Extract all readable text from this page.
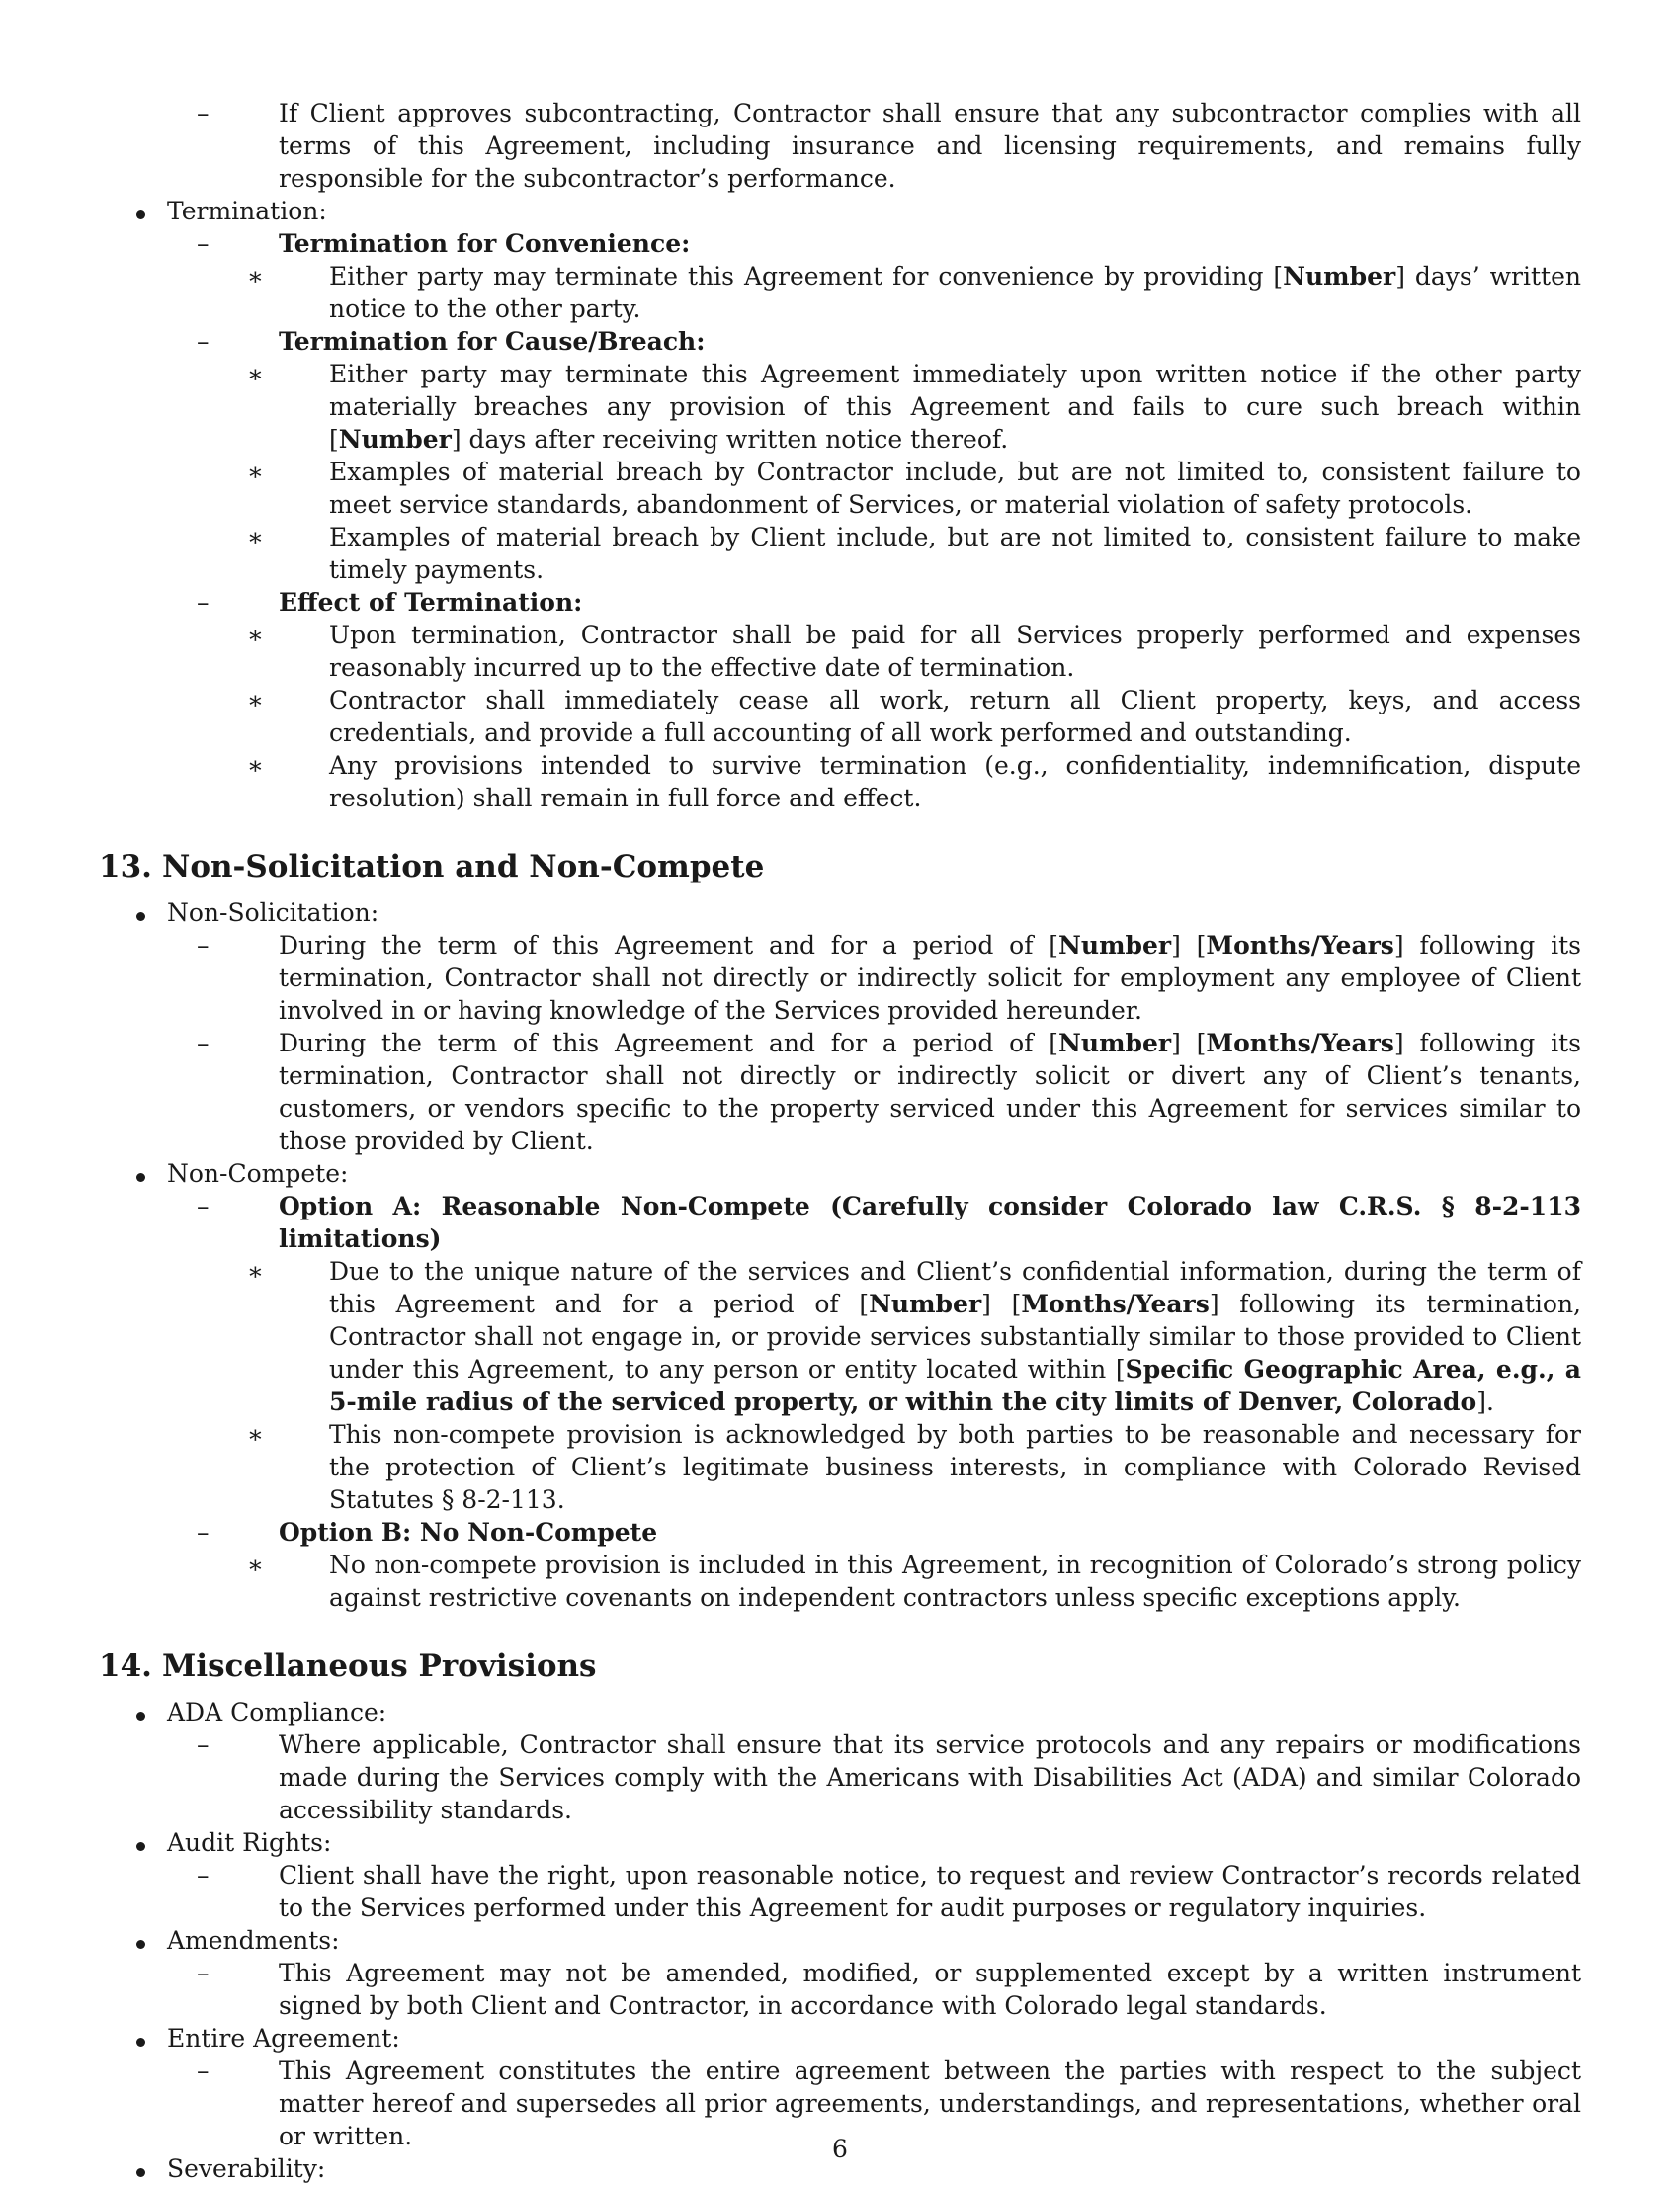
–	If Client approves subcontracting, Contractor shall ensure that any subcontractor complies with all terms of this Agreement, including insurance and licensing requirements, and remains fully responsible for the subcontractor’s performance.
Termination:
–	Termination for Convenience:
∗	Either party may terminate this Agreement for convenience by providing [Number] days’ written notice to the other party.
–	Termination for Cause/Breach:
∗	Either party may terminate this Agreement immediately upon written notice if the other party materially breaches any provision of this Agreement and fails to cure such breach within [Number] days after receiving written notice thereof.
∗	Examples of material breach by Contractor include, but are not limited to, consistent failure to meet service standards, abandonment of Services, or material violation of safety protocols.
∗	Examples of material breach by Client include, but are not limited to, consistent failure to make timely payments.
–	Effect of Termination:
∗	Upon termination, Contractor shall be paid for all Services properly performed and expenses reasonably incurred up to the effective date of termination.
∗	Contractor shall immediately cease all work, return all Client property, keys, and access credentials, and provide a full accounting of all work performed and outstanding.
∗	Any provisions intended to survive termination (e.g., confidentiality, indemnification, dispute resolution) shall remain in full force and effect.
13. Non-Solicitation and Non-Compete
Non-Solicitation:
–	During the term of this Agreement and for a period of [Number] [Months/Years] following its termination, Contractor shall not directly or indirectly solicit for employment any employee of Client involved in or having knowledge of the Services provided hereunder.
–	During the term of this Agreement and for a period of [Number] [Months/Years] following its termination, Contractor shall not directly or indirectly solicit or divert any of Client’s tenants, customers, or vendors specific to the property serviced under this Agreement for services similar to those provided by Client.
Non-Compete:
–	Option A: Reasonable Non-Compete (Carefully consider Colorado law C.R.S. § 8-2-113 limitations)
∗	Due to the unique nature of the services and Client’s confidential information, during the term of this Agreement and for a period of [Number] [Months/Years] following its termination, Contractor shall not engage in, or provide services substantially similar to those provided to Client under this Agreement, to any person or entity located within [Specific Geographic Area, e.g., a 5-mile radius of the serviced property, or within the city limits of Denver, Colorado].
∗	This non-compete provision is acknowledged by both parties to be reasonable and necessary for the protection of Client’s legitimate business interests, in compliance with Colorado Revised Statutes § 8-2-113.
–	Option B: No Non-Compete
∗	No non-compete provision is included in this Agreement, in recognition of Colorado’s strong policy against restrictive covenants on independent contractors unless specific exceptions apply.
14. Miscellaneous Provisions
ADA Compliance:
–	Where applicable, Contractor shall ensure that its service protocols and any repairs or modifications made during the Services comply with the Americans with Disabilities Act (ADA) and similar Colorado accessibility standards.
Audit Rights:
–	Client shall have the right, upon reasonable notice, to request and review Contractor’s records related to the Services performed under this Agreement for audit purposes or regulatory inquiries.
Amendments:
–	This Agreement may not be amended, modified, or supplemented except by a written instrument signed by both Client and Contractor, in accordance with Colorado legal standards.
Entire Agreement:
–	This Agreement constitutes the entire agreement between the parties with respect to the subject matter hereof and supersedes all prior agreements, understandings, and representations, whether oral or written.
Severability:
6
